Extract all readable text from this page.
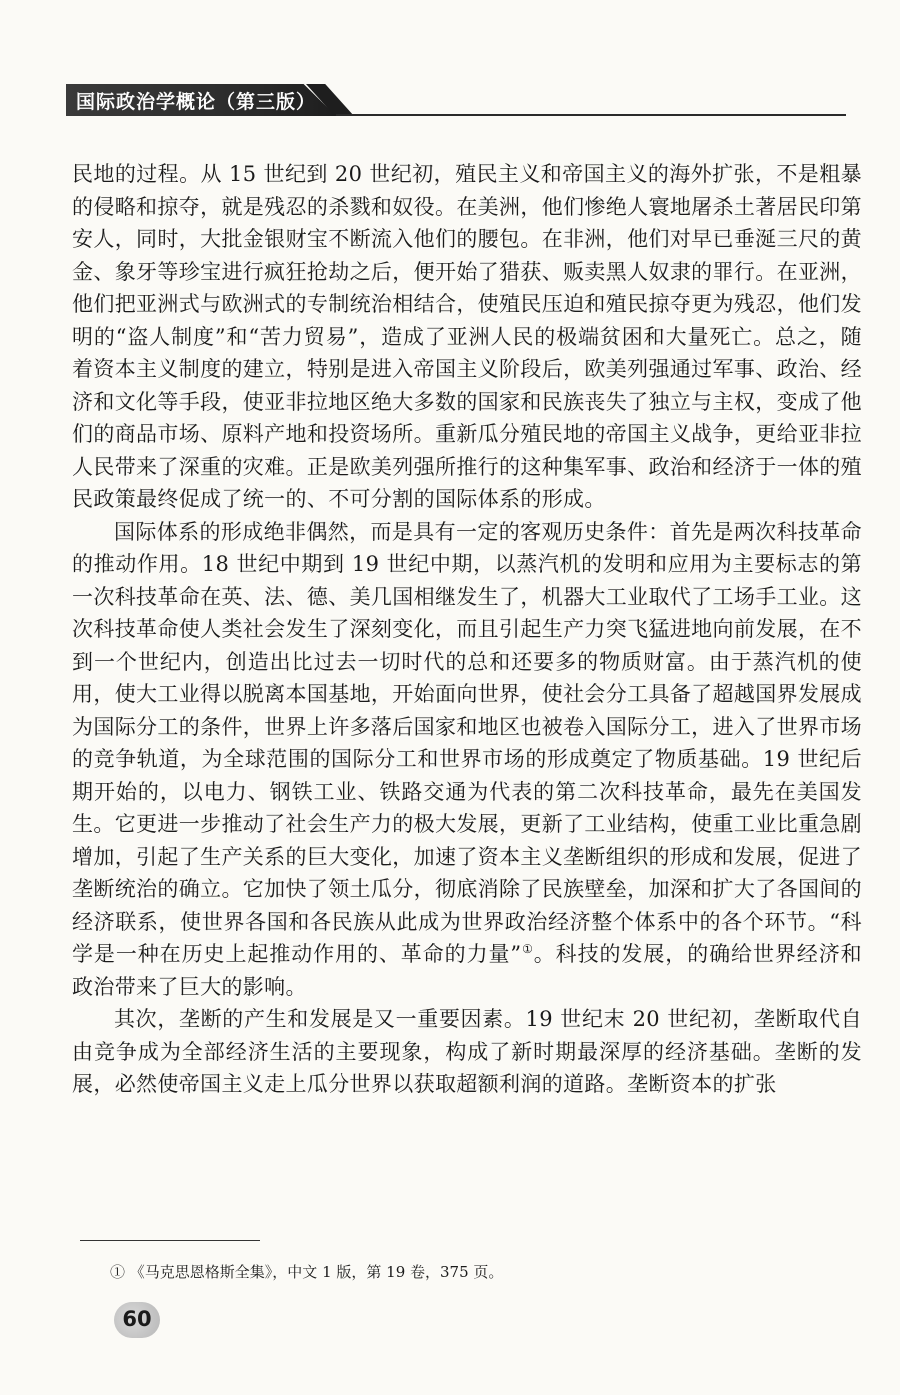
国际政治学概论（第三版）

民地的过程。从 15 世纪到 20 世纪初，殖民主义和帝国主义的海外扩张，不是粗暴的侵略和掠夺，就是残忍的杀戮和奴役。在美洲，他们惨绝人寰地屠杀土著居民印第安人，同时，大批金银财宝不断流入他们的腰包。在非洲，他们对早已垂涎三尺的黄金、象牙等珍宝进行疯狂抢劫之后，便开始了猎获、贩卖黑人奴隶的罪行。在亚洲，他们把亚洲式与欧洲式的专制统治相结合，使殖民压迫和殖民掠夺更为残忍，他们发明的“盗人制度”和“苦力贸易”，造成了亚洲人民的极端贫困和大量死亡。总之，随着资本主义制度的建立，特别是进入帝国主义阶段后，欧美列强通过军事、政治、经济和文化等手段，使亚非拉地区绝大多数的国家和民族丧失了独立与主权，变成了他们的商品市场、原料产地和投资场所。重新瓜分殖民地的帝国主义战争，更给亚非拉人民带来了深重的灾难。正是欧美列强所推行的这种集军事、政治和经济于一体的殖民政策最终促成了统一的、不可分割的国际体系的形成。

国际体系的形成绝非偶然，而是具有一定的客观历史条件：首先是两次科技革命的推动作用。18 世纪中期到 19 世纪中期，以蒸汽机的发明和应用为主要标志的第一次科技革命在英、法、德、美几国相继发生了，机器大工业取代了工场手工业。这次科技革命使人类社会发生了深刻变化，而且引起生产力突飞猛进地向前发展，在不到一个世纪内，创造出比过去一切时代的总和还要多的物质财富。由于蒸汽机的使用，使大工业得以脱离本国基地，开始面向世界，使社会分工具备了超越国界发展成为国际分工的条件，世界上许多落后国家和地区也被卷入国际分工，进入了世界市场的竞争轨道，为全球范围的国际分工和世界市场的形成奠定了物质基础。19 世纪后期开始的，以电力、钢铁工业、铁路交通为代表的第二次科技革命，最先在美国发生。它更进一步推动了社会生产力的极大发展，更新了工业结构，使重工业比重急剧增加，引起了生产关系的巨大变化，加速了资本主义垄断组织的形成和发展，促进了垄断统治的确立。它加快了领土瓜分，彻底消除了民族壁垒，加深和扩大了各国间的经济联系，使世界各国和各民族从此成为世界政治经济整个体系中的各个环节。“科学是一种在历史上起推动作用的、革命的力量”①。科技的发展，的确给世界经济和政治带来了巨大的影响。

其次，垄断的产生和发展是又一重要因素。19 世纪末 20 世纪初，垄断取代自由竞争成为全部经济生活的主要现象，构成了新时期最深厚的经济基础。垄断的发展，必然使帝国主义走上瓜分世界以获取超额利润的道路。垄断资本的扩张

① 《马克思恩格斯全集》，中文 1 版，第 19 卷，375 页。
60
